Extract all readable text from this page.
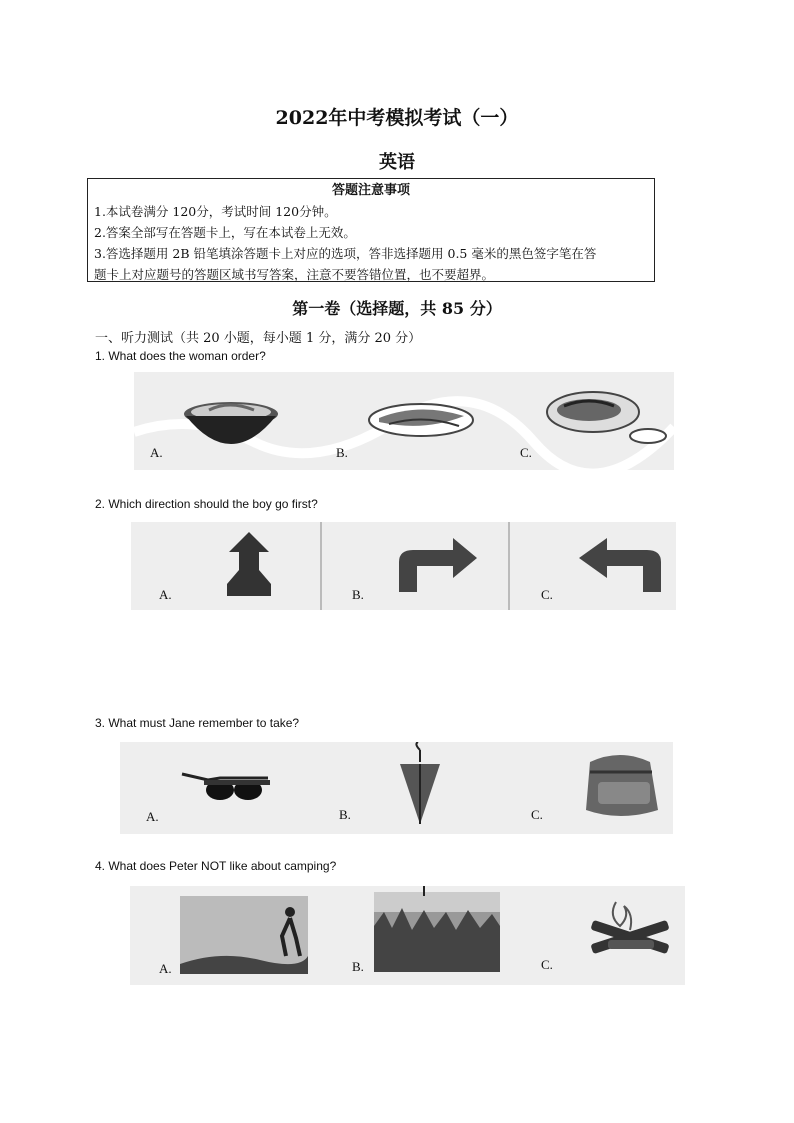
2022年中考模拟考试（一）
英语
答题注意事项
1.本试卷满分 120分，考试时间 120分钟。
2.答案全部写在答题卡上，写在本试卷上无效。
3.答选择题用 2B 铅笔填涂答题卡上对应的选项，答非选择题用 0.5 毫米的黑色签字笔在答
题卡上对应题号的答题区域书写答案，注意不要答错位置，也不要超界。
第一卷（选择题，共 85 分）
一、听力测试（共 20 小题，每小题 1 分，满分 20 分）
1. What does the woman order?
A.	B.	C.
2. Which direction should the boy go first?
A.	B.	C.
3. What must Jane remember to take?
A.	B.	C.
4. What does Peter NOT like about camping?
A.	B.	C.
